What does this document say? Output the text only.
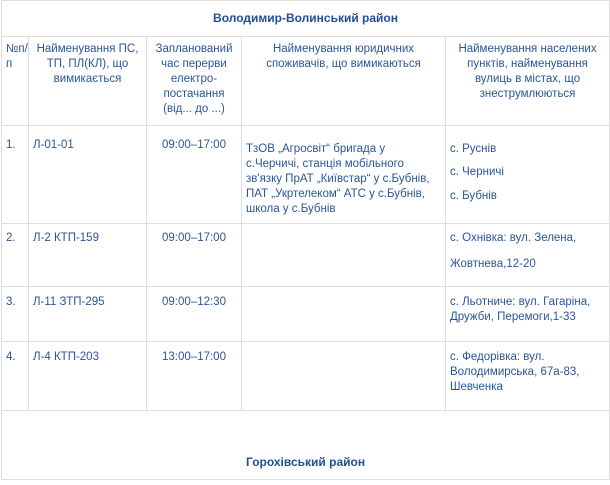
Володимир-Волинський район				
№п/п	Найменування ПС, ТП, ПЛ(КЛ), що вимикається	Запланований час перерви електро-постачання (від... до ...)	Найменування юридичних споживачів, що вимикаються	Найменування населених пунктів, найменування вулиць в містах, що знеструмлюються
1.	Л-01-01	09:00–17:00	ТзОВ „Агросвіт“ бригада у с.Черчичі, станція мобільного зв'язку ПрАТ „Київстар“ у с.Бубнів, ПАТ „Укртелеком“ АТС у с.Бубнів, школа у с.Бубнів	с. Руснів
с. Черничі
с. Бубнів

2.	Л-2 КТП-159	09:00–17:00		с. Охнівка: вул. Зелена,
Жовтнева,12-20

3.	Л-11 ЗТП-295	09:00–12:30		с. Льотниче: вул. Гагаріна, Дружби, Перемоги,1-33
4.	Л-4 КТП-203	13:00–17:00		с. Федорівка: вул. Володимирська, 67а-83, Шевченка

Горохівський район				
